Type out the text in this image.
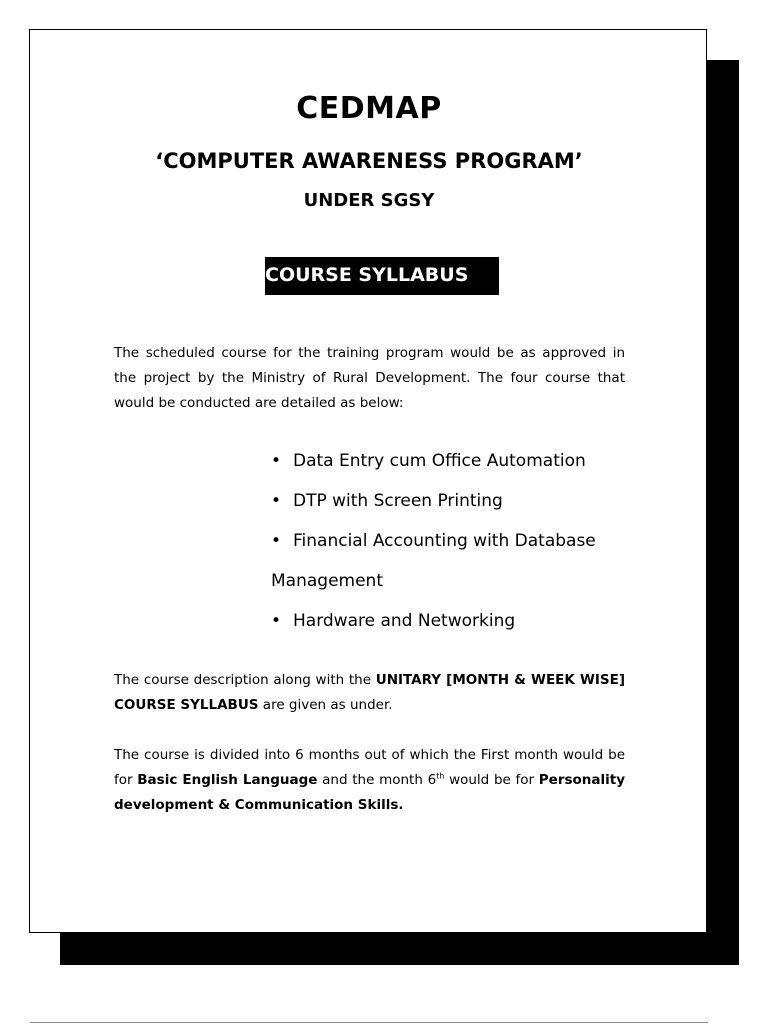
CEDMAP
‘COMPUTER AWARENESS PROGRAM’
UNDER SGSY
COURSE SYLLABUS
The scheduled course for the training program would be as approved in the project by the Ministry of Rural Development. The four course that would be conducted are detailed as below:
• Data Entry cum Office Automation
• DTP with Screen Printing
• Financial Accounting with Database
Management
• Hardware and Networking
The course description along with the UNITARY [MONTH & WEEK WISE] COURSE SYLLABUS are given as under.
The course is divided into 6 months out of which the First month would be for Basic English Language and the month 6th would be for Personality development & Communication Skills.
